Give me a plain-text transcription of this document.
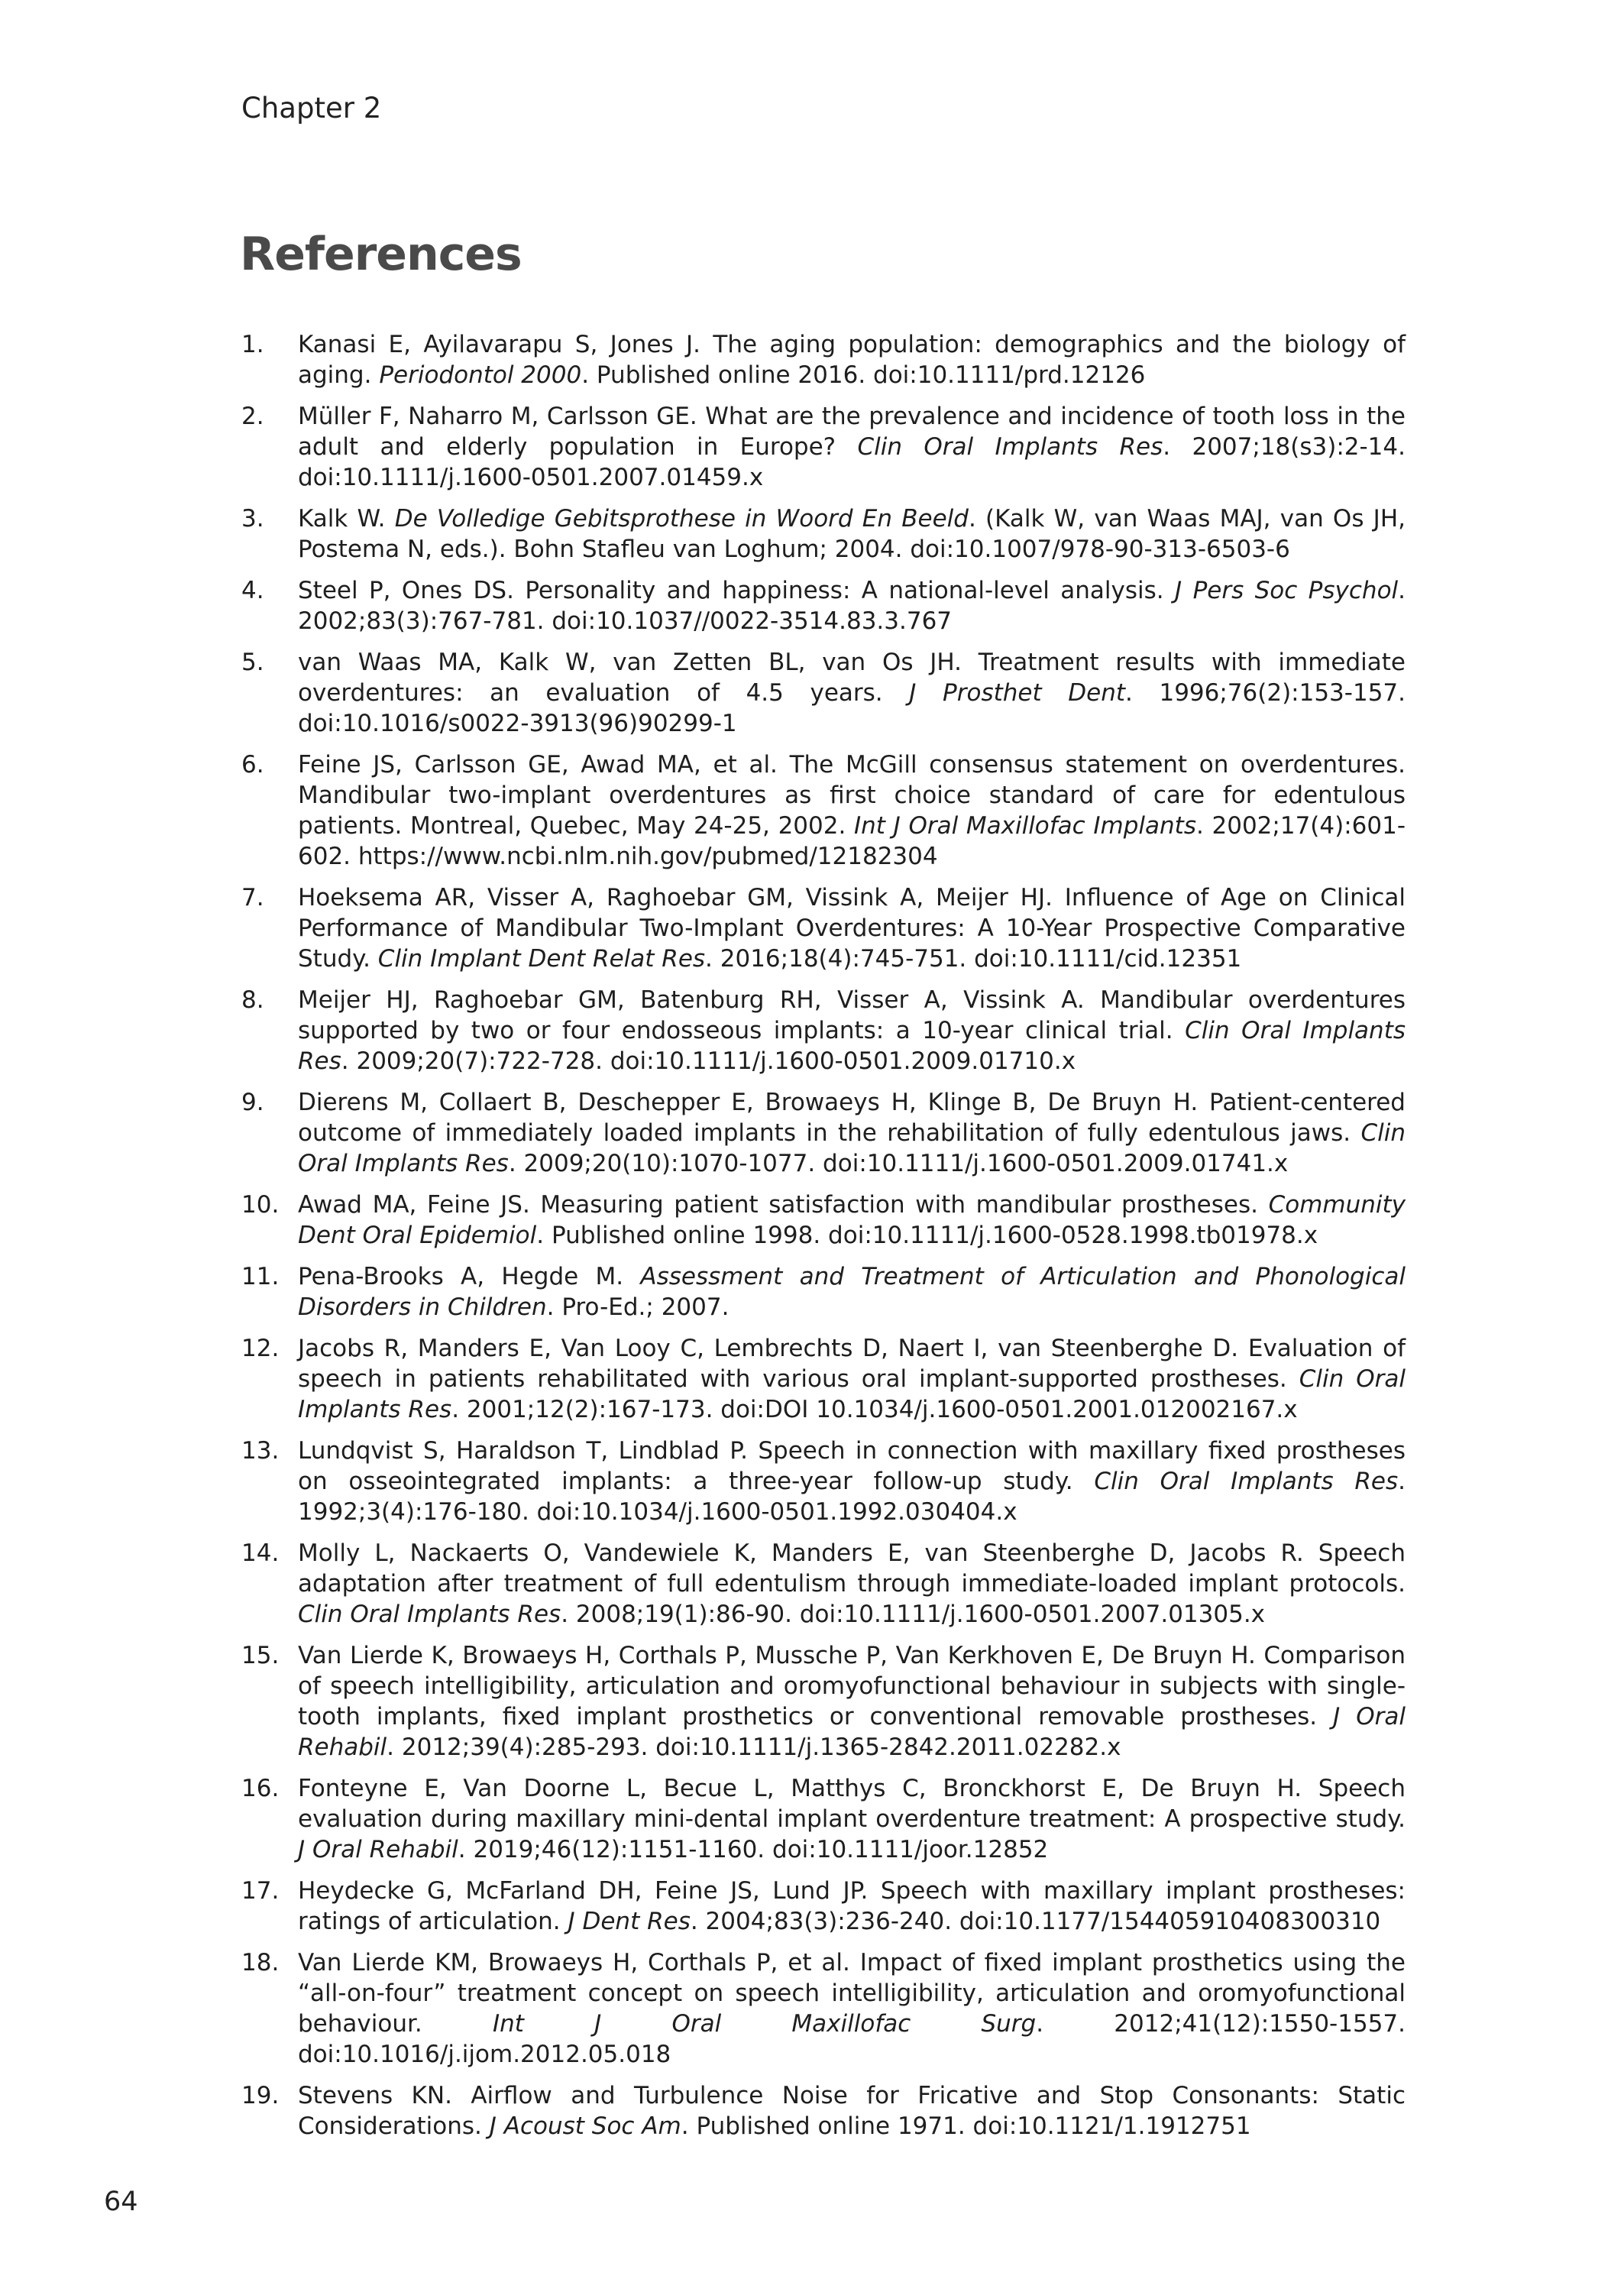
Chapter 2
References
1.	Kanasi E, Ayilavarapu S, Jones J. The aging population: demographics and the biology of aging. Periodontol 2000. Published online 2016. doi:10.1111/prd.12126
2.	Müller F, Naharro M, Carlsson GE. What are the prevalence and incidence of tooth loss in the adult and elderly population in Europe? Clin Oral Implants Res. 2007;18(s3):2-14. doi:10.1111/j.1600-0501.2007.01459.x
3.	Kalk W. De Volledige Gebitsprothese in Woord En Beeld. (Kalk W, van Waas MAJ, van Os JH, Postema N, eds.). Bohn Stafleu van Loghum; 2004. doi:10.1007/978-90-313-6503-6
4.	Steel P, Ones DS. Personality and happiness: A national-level analysis. J Pers Soc Psychol. 2002;83(3):767-781. doi:10.1037//0022-3514.83.3.767
5.	van Waas MA, Kalk W, van Zetten BL, van Os JH. Treatment results with immediate overdentures: an evaluation of 4.5 years. J Prosthet Dent. 1996;76(2):153-157. doi:10.1016/s0022-3913(96)90299-1
6.	Feine JS, Carlsson GE, Awad MA, et al. The McGill consensus statement on overdentures. Mandibular two-implant overdentures as first choice standard of care for edentulous patients. Montreal, Quebec, May 24-25, 2002. Int J Oral Maxillofac Implants. 2002;17(4):601-602. https://www.ncbi.nlm.nih.gov/pubmed/12182304
7.	Hoeksema AR, Visser A, Raghoebar GM, Vissink A, Meijer HJ. Influence of Age on Clinical Performance of Mandibular Two-Implant Overdentures: A 10-Year Prospective Comparative Study. Clin Implant Dent Relat Res. 2016;18(4):745-751. doi:10.1111/cid.12351
8.	Meijer HJ, Raghoebar GM, Batenburg RH, Visser A, Vissink A. Mandibular overdentures supported by two or four endosseous implants: a 10-year clinical trial. Clin Oral Implants Res. 2009;20(7):722-728. doi:10.1111/j.1600-0501.2009.01710.x
9.	Dierens M, Collaert B, Deschepper E, Browaeys H, Klinge B, De Bruyn H. Patient-centered outcome of immediately loaded implants in the rehabilitation of fully edentulous jaws. Clin Oral Implants Res. 2009;20(10):1070-1077. doi:10.1111/j.1600-0501.2009.01741.x
10. Awad MA, Feine JS. Measuring patient satisfaction with mandibular prostheses. Community Dent Oral Epidemiol. Published online 1998. doi:10.1111/j.1600-0528.1998.tb01978.x
11. Pena-Brooks A, Hegde M. Assessment and Treatment of Articulation and Phonological Disorders in Children. Pro-Ed.; 2007.
12. Jacobs R, Manders E, Van Looy C, Lembrechts D, Naert I, van Steenberghe D. Evaluation of speech in patients rehabilitated with various oral implant-supported prostheses. Clin Oral Implants Res. 2001;12(2):167-173. doi:DOI 10.1034/j.1600-0501.2001.012002167.x
13. Lundqvist S, Haraldson T, Lindblad P. Speech in connection with maxillary fixed prostheses on osseointegrated implants: a three-year follow-up study. Clin Oral Implants Res. 1992;3(4):176-180. doi:10.1034/j.1600-0501.1992.030404.x
14. Molly L, Nackaerts O, Vandewiele K, Manders E, van Steenberghe D, Jacobs R. Speech adaptation after treatment of full edentulism through immediate-loaded implant protocols. Clin Oral Implants Res. 2008;19(1):86-90. doi:10.1111/j.1600-0501.2007.01305.x
15. Van Lierde K, Browaeys H, Corthals P, Mussche P, Van Kerkhoven E, De Bruyn H. Comparison of speech intelligibility, articulation and oromyofunctional behaviour in subjects with single-tooth implants, fixed implant prosthetics or conventional removable prostheses. J Oral Rehabil. 2012;39(4):285-293. doi:10.1111/j.1365-2842.2011.02282.x
16. Fonteyne E, Van Doorne L, Becue L, Matthys C, Bronckhorst E, De Bruyn H. Speech evaluation during maxillary mini-dental implant overdenture treatment: A prospective study. J Oral Rehabil. 2019;46(12):1151-1160. doi:10.1111/joor.12852
17. Heydecke G, McFarland DH, Feine JS, Lund JP. Speech with maxillary implant prostheses: ratings of articulation. J Dent Res. 2004;83(3):236-240. doi:10.1177/154405910408300310
18. Van Lierde KM, Browaeys H, Corthals P, et al. Impact of fixed implant prosthetics using the “all-on-four” treatment concept on speech intelligibility, articulation and oromyofunctional behaviour. Int J Oral Maxillofac Surg. 2012;41(12):1550-1557. doi:10.1016/j.ijom.2012.05.018
19. Stevens KN. Airflow and Turbulence Noise for Fricative and Stop Consonants: Static Considerations. J Acoust Soc Am. Published online 1971. doi:10.1121/1.1912751
64
